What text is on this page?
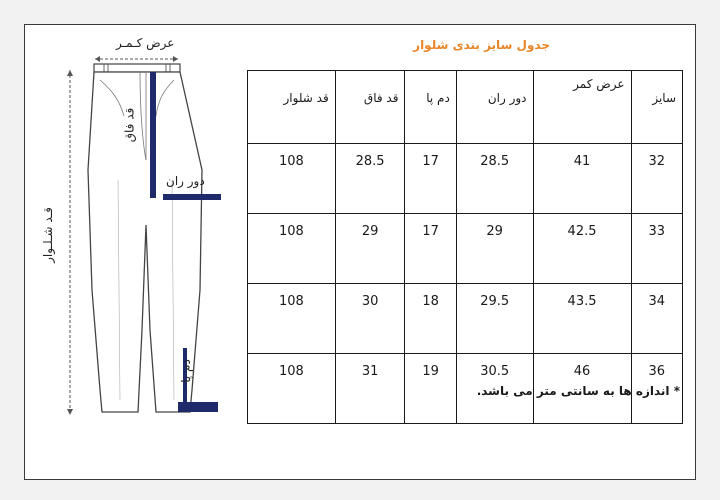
عرض کـمـر
قد فاق
دور ران
قـد شـلـوار
دم پا
جدول سایز بندی شلوار
سایز	عرض کمر	دور ران	دم پا	قد فاق	قد شلوار
32	41	28.5	17	28.5	108
33	42.5	29	17	29	108
34	43.5	29.5	18	30	108
36	46	30.5	19	31	108
* اندازه ها به سانتی متر می باشد.
